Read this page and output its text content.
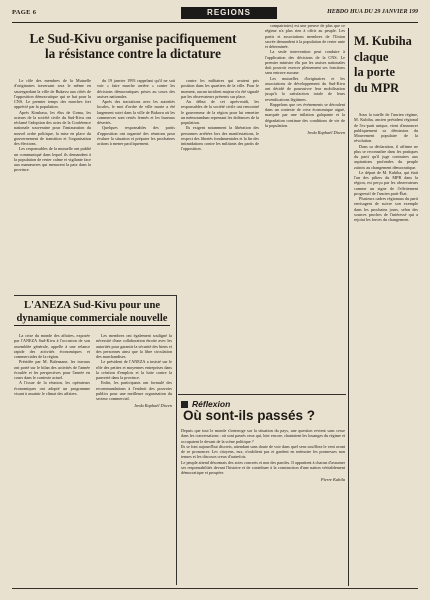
PAGE 6	REGIONS	HEBDO HUA DU 29 JANVIER 199
Le Sud-Kivu organise pacifiquement
la résistance contre la dictature

Le rôle des membres de la Mutuelle d'originaires traversant sera le même en sauvegardant la ville de Bukavu aux côtés de l'opposition démocratique qui se bat pour la CNS. Le premier temps des marches fort apprécié par la population.

Après Kinshasa, les élus de Goma, les acteurs de la société civile du Sud-Kivu ont réclamé l'adoption des actes de la Conférence nationale souveraine pour l'instauration du nouvel ordre politique, la mise en place du gouvernement de transition et l'organisation des élections.

Les responsables de la mutuelle ont publié un communiqué dans lequel ils demandent à la population de rester calme et vigilante face aux manœuvres qui menacent la paix dans la province.

du 19 janvier 1993 rappelant qu'il ne sait voir « faire marche arrière » contre les décisions démocratiques prises au cours des assises nationales.

Après des tractations avec les autorités locales, le mot d'ordre de ville morte a été largement suivi dans la ville de Bukavu où les commerces sont restés fermés et les bureaux désertés.

Quelques responsables des partis d'opposition ont organisé des réunions pour évaluer la situation et préparer les prochaines actions à mener pacifiquement.

contre les militaires qui avaient pris position dans les quartiers de la ville. Pour le moment, aucun incident majeur n'a été signalé par les observateurs présents sur place.

Au début de cet après-midi, les responsables de la société civile ont rencontré le gouverneur de la région pour lui remettre un mémorandum reprenant les doléances de la population.

Ils exigent notamment la libération des personnes arrêtées lors des manifestations, le respect des libertés fondamentales et la fin des intimidations contre les militants des partis de l'opposition.

compatriotes) est une preuve de plus que ce régime n'a plus rien à offrir au peuple. Les partis et associations membres de l'Union sacrée demandent à la population de rester unie et déterminée.

La seule intervention peut conduire à l'application des décisions de la CNS. Le premier ministre élu par les assises nationales doit pouvoir exercer pleinement ses fonctions sans entrave aucune.

Les mutuelles d'originaires et les associations de développement du Sud-Kivu ont décidé de poursuivre leur mobilisation jusqu'à la satisfaction totale de leurs revendications légitimes.

Rappelons que ces événements se déroulent dans un contexte de crise économique aiguë, marquée par une inflation galopante et la dégradation continue des conditions de vie de la population.

Ireda Raphaël Diwen

L'ANEZA Sud-Kivu pour une
dynamique commerciale nouvelle

La crise du monde des affaires, exposée par l'ANEZA Sud-Kivu à l'occasion de son assemblée générale, appelle à une relance rapide des activités économiques et commerciales de la région.

Présidée par M. Balenzane, les travaux ont porté sur le bilan des activités de l'année écoulée et les perspectives pour l'année en cours dans le contexte actuel.

A l'issue de la réunion, les opérateurs économiques ont adopté un programme visant à assainir le climat des affaires.

Les membres ont également souligné la nécessité d'une collaboration étroite avec les autorités pour garantir la sécurité des biens et des personnes ainsi que la libre circulation des marchandises.

Le président de l'ANEZA a insisté sur le rôle des petites et moyennes entreprises dans la création d'emplois et la lutte contre la pauvreté dans la province.

Enfin, les participants ont formulé des recommandations à l'endroit des pouvoirs publics pour une meilleure organisation du secteur commercial.

Ireda Raphaël Diwen

M. Kubiha
claque
la porte
du MPR

Sous la tutelle de l'ancien régime, M. Kubiha, ancien président régional de l'ex-parti unique, vient d'annoncer publiquement sa démission du Mouvement populaire de la révolution.

Dans sa déclaration, il affirme ne plus se reconnaître dans les pratiques du parti qu'il juge contraires aux aspirations profondes du peuple zaïrois au changement démocratique.

Le départ de M. Kubiha, qui était l'un des piliers du MPR dans la région, est perçu par les observateurs comme un signe de l'effritement progressif de l'ancien parti-État.

Plusieurs cadres régionaux du parti envisagent de suivre son exemple dans les prochains jours, selon des sources proches de l'intéressé qui a rejoint les forces du changement.

Réflexion
Où sont-ils passés ?

Depuis que tout le monde s'interroge sur la situation du pays, une question revient sans cesse dans les conversations : où sont passés ceux qui, hier encore, chantaient les louanges du régime et occupaient le devant de la scène politique ?

Ils se font aujourd'hui discrets, attendant sans doute de voir dans quel sens soufflera le vent avant de se prononcer. Les citoyens, eux, n'oublient pas et gardent en mémoire les promesses non tenues et les discours creux d'autrefois.

Le peuple attend désormais des actes concrets et non des paroles. Il appartient à chacun d'assumer ses responsabilités devant l'histoire et de contribuer à la construction d'une nation véritablement démocratique et prospère.

Pierre Kabila
